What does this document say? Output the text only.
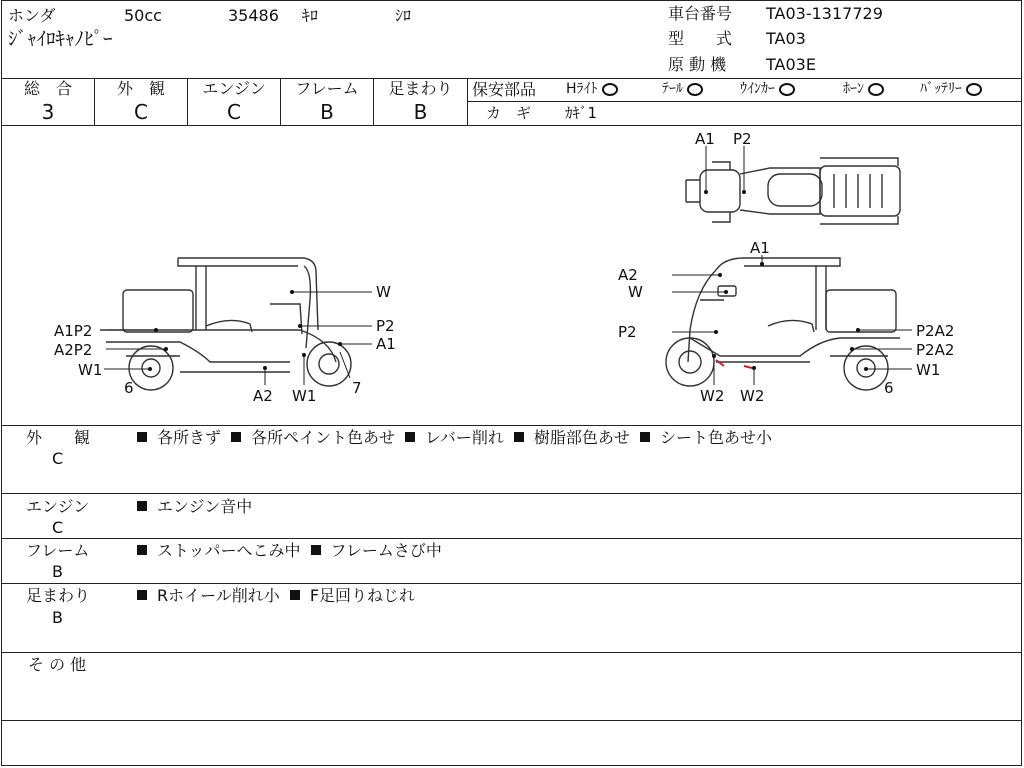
ホンダ	50cc	35486 ｷﾛ	ｼﾛ
ｼﾞｬｲﾛｷｬﾉﾋﾟｰ
車台番号 TA03-1317729
型　　式 TA03
原 動 機 TA03E
総　合
3
外　観
C
エンジン
C
フレーム
B
足まわり
B
保安部品 Hﾗｲﾄ	ﾃｰﾙ	ｳｲﾝｶｰ	ﾎｰﾝ	ﾊﾞｯﾃﾘｰ
カ　ギ ｶｷﾞ1
A1P2
A2P2
W1
6	A2 W1 7
W
P2
A1
A1 P2
A1
A2
W
P2	P2A2
P2A2
W1
6
W2 W2
外　　観
C
各所きず 各所ペイント色あせ レバー削れ 樹脂部色あせ シート色あせ小
エンジン
C
エンジン音中
フレーム
B
ストッパーへこみ中 フレームさび中
足まわり
B
Rホイール削れ小 F足回りねじれ
そ の 他
